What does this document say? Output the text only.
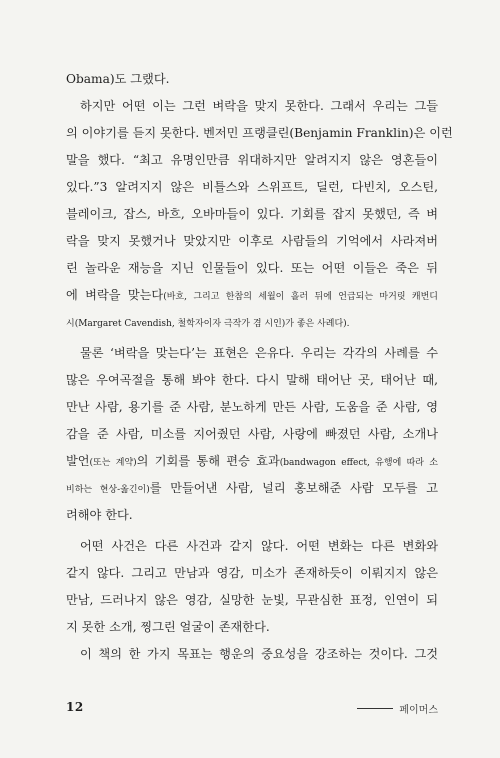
Obama)도 그랬다.
하지만 어떤 이는 그런 벼락을 맞지 못한다. 그래서 우리는 그들
의 이야기를 듣지 못한다. 벤저민 프랭클린(Benjamin Franklin)은 이런
말을 했다. “최고 유명인만큼 위대하지만 알려지지 않은 영혼들이
있다.”3 알려지지 않은 비틀스와 스위프트, 딜런, 다빈치, 오스틴,
블레이크, 잡스, 바흐, 오바마들이 있다. 기회를 잡지 못했던, 즉 벼
락을 맞지 못했거나 맞았지만 이후로 사람들의 기억에서 사라져버
린 놀라운 재능을 지닌 인물들이 있다. 또는 어떤 이들은 죽은 뒤
에 벼락을 맞는다(바흐, 그리고 한참의 세월이 흘러 뒤에 언급되는 마거릿 캐번디
시(Margaret Cavendish, 철학자이자 극작가 겸 시인)가 좋은 사례다).
물론 ‘벼락을 맞는다’는 표현은 은유다. 우리는 각각의 사례를 수
많은 우여곡절을 통해 봐야 한다. 다시 말해 태어난 곳, 태어난 때,
만난 사람, 용기를 준 사람, 분노하게 만든 사람, 도움을 준 사람, 영
감을 준 사람, 미소를 지어줬던 사람, 사랑에 빠졌던 사람, 소개나
발언(또는 계약)의 기회를 통해 편승 효과(bandwagon effect, 유행에 따라 소
비하는 현상-옮긴이)를 만들어낸 사람, 널리 홍보해준 사람 모두를 고
려해야 한다.
어떤 사건은 다른 사건과 같지 않다. 어떤 변화는 다른 변화와
같지 않다. 그리고 만남과 영감, 미소가 존재하듯이 이뤄지지 않은
만남, 드러나지 않은 영감, 실망한 눈빛, 무관심한 표정, 인연이 되
지 못한 소개, 찡그린 얼굴이 존재한다.
이 책의 한 가지 목표는 행운의 중요성을 강조하는 것이다. 그것
12	페이머스
